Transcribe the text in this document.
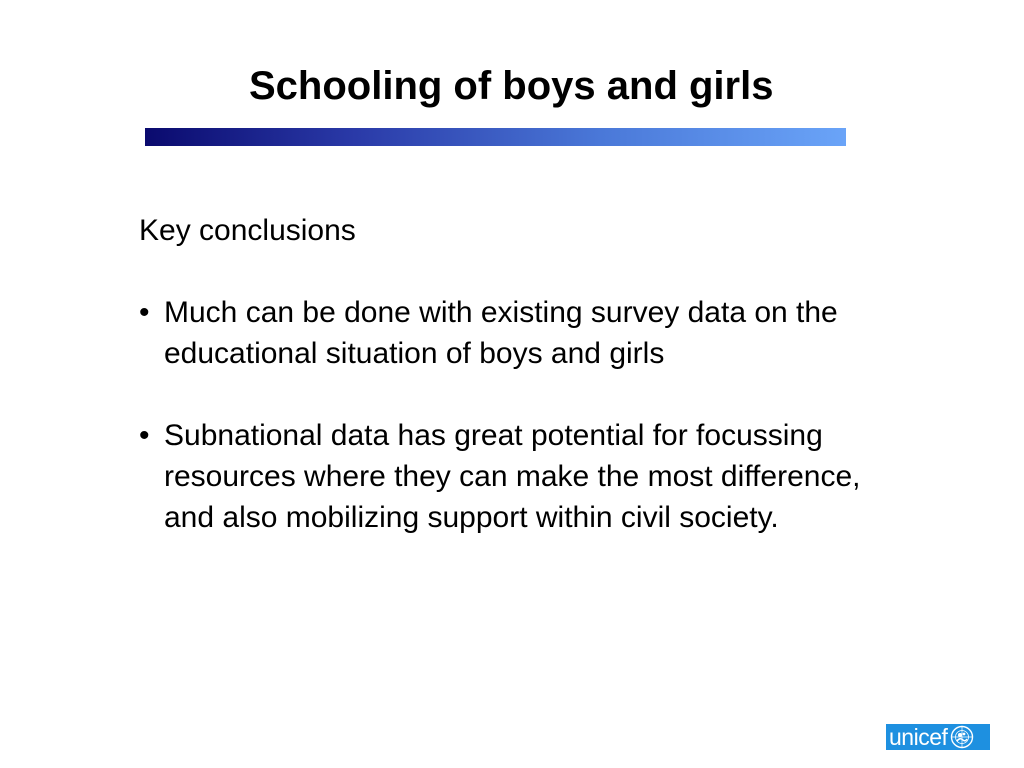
Schooling of boys and girls

Key conclusions

• Much can be done with existing survey data on the educational situation of boys and girls
• Subnational data has great potential for focussing resources where they can make the most difference, and also mobilizing support within civil society.
unicef
